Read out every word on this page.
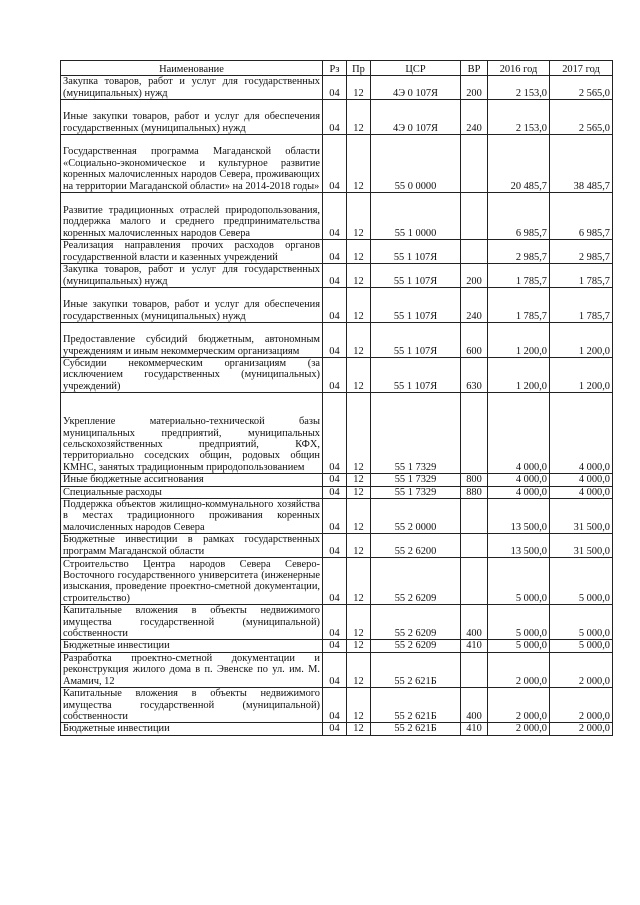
Наименование	Рз	Пр	ЦСР	ВР	2016 год	2017 год
Закупка товаров, работ и услуг для государственных (муниципальных) нужд	04	12	4Э 0 107Я	200	2 153,0	2 565,0
Иные закупки товаров, работ и услуг для обеспечения государственных (муниципальных) нужд	04	12	4Э 0 107Я	240	2 153,0	2 565,0
Государственная программа Магаданской области «Социально-экономическое и культурное развитие коренных малочисленных народов Севера, проживающих на территории Магаданской области» на 2014-2018 годы»	04	12	55 0 0000		20 485,7	38 485,7
Развитие традиционных отраслей природопользования, поддержка малого и среднего предпринимательства коренных малочисленных народов Севера	04	12	55 1 0000		6 985,7	6 985,7
Реализация направления прочих расходов органов государственной власти и казенных учреждений	04	12	55 1 107Я		2 985,7	2 985,7
Закупка товаров, работ и услуг для государственных (муниципальных) нужд	04	12	55 1 107Я	200	1 785,7	1 785,7
Иные закупки товаров, работ и услуг для обеспечения государственных (муниципальных) нужд	04	12	55 1 107Я	240	1 785,7	1 785,7
Предоставление субсидий бюджетным, автономным учреждениям и иным некоммерческим организациям	04	12	55 1 107Я	600	1 200,0	1 200,0
Субсидии некоммерческим организациям (за исключением государственных (муниципальных) учреждений)	04	12	55 1 107Я	630	1 200,0	1 200,0
Укрепление материально-технической базы муниципальных предприятий, муниципальных сельскохозяйственных предприятий, КФХ, территориально соседских общин, родовых общин КМНС, занятых традиционным природопользованием	04	12	55 1 7329		4 000,0	4 000,0
Иные бюджетные ассигнования	04	12	55 1 7329	800	4 000,0	4 000,0
Специальные расходы	04	12	55 1 7329	880	4 000,0	4 000,0
Поддержка объектов жилищно-коммунального хозяйства в местах традиционного проживания коренных малочисленных народов Севера	04	12	55 2 0000		13 500,0	31 500,0
Бюджетные инвестиции в рамках государственных программ Магаданской области	04	12	55 2 6200		13 500,0	31 500,0
Строительство Центра народов Севера Северо-Восточного государственного университета (инженерные изыскания, проведение проектно-сметной документации, строительство)	04	12	55 2 6209		5 000,0	5 000,0
Капитальные вложения в объекты недвижимого имущества государственной (муниципальной) собственности	04	12	55 2 6209	400	5 000,0	5 000,0
Бюджетные инвестиции	04	12	55 2 6209	410	5 000,0	5 000,0
Разработка проектно-сметной документации и реконструкция жилого дома в п. Эвенске по ул. им. М. Амамич, 12	04	12	55 2 621Б		2 000,0	2 000,0
Капитальные вложения в объекты недвижимого имущества государственной (муниципальной) собственности	04	12	55 2 621Б	400	2 000,0	2 000,0
Бюджетные инвестиции	04	12	55 2 621Б	410	2 000,0	2 000,0
